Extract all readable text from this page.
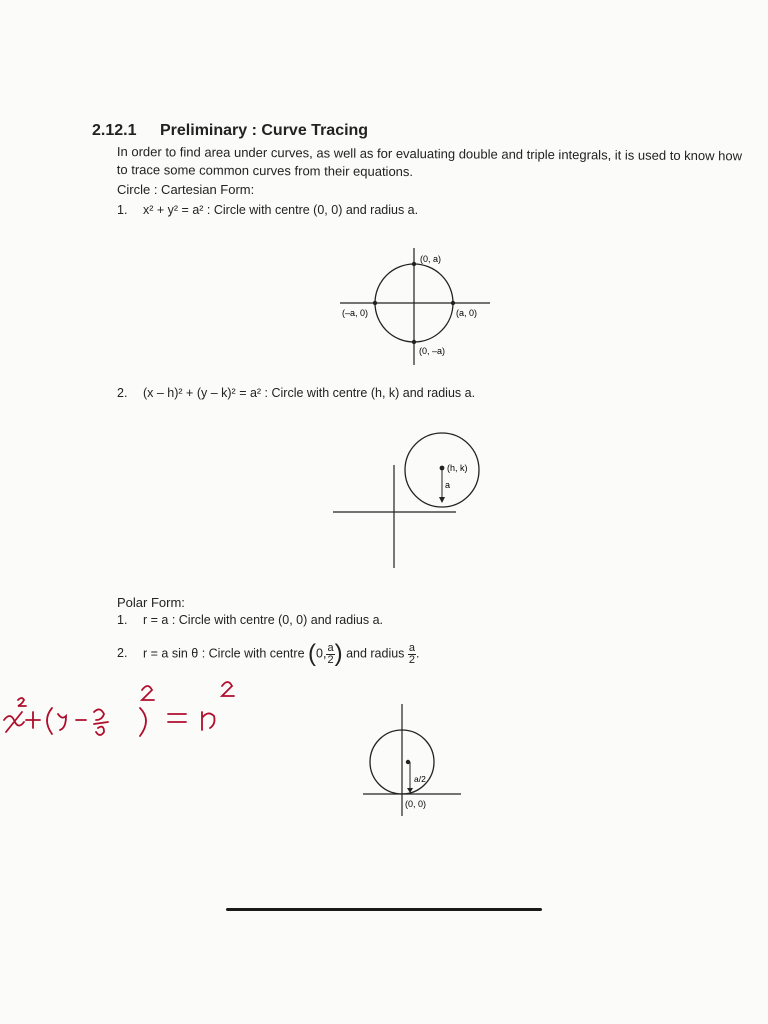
2.12.1 Preliminary : Curve Tracing
In order to find area under curves, as well as for evaluating double and triple integrals, it is used to know how to trace some common curves from their equations.
Circle : Cartesian Form:
1. x² + y² = a² : Circle with centre (0, 0) and radius a.
(0, a)
(–a, 0)	(a, 0)
(0, –a)
2. (x – h)² + (y – k)² = a² : Circle with centre (h, k) and radius a.
(h, k)
a
Polar Form:
1. r = a : Circle with centre (0, 0) and radius a.
2. r = a sin θ : Circle with centre (0, $\frac{a}{2}$ ) and radius $\frac{a}{2}$ .
x² + (y - a/2)² = r²
a/2
(0, 0)
